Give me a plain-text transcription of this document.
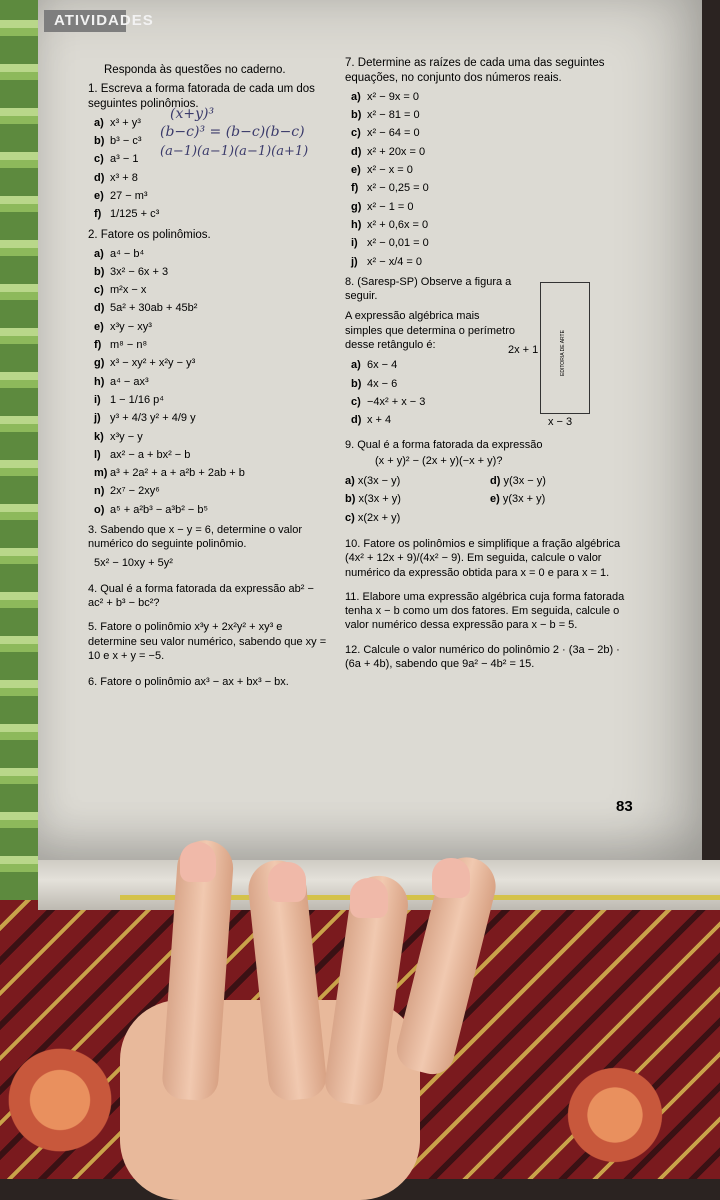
ATIVIDADES
Responda às questões no caderno.
1. Escreva a forma fatorada de cada um dos seguintes polinômios.
a) x³ + y³
b) b³ − c³
c) a³ − 1
d) x³ + 8
e) 27 − m³
f) 1/125 + c³
2. Fatore os polinômios.
a) a⁴ − b⁴
b) 3x² − 6x + 3
c) m²x − x
d) 5a² + 30ab + 45b²
e) x³y − xy³
f) m⁸ − n⁸
g) x³ − xy² + x²y − y³
h) a⁴ − ax³
i) 1 − 1/16 p⁴
j) y³ + 4/3 y² + 4/9 y
k) x³y − y
l) ax² − a + bx² − b
m) a³ + 2a² + a + a²b + 2ab + b
n) 2x⁷ − 2xy⁶
o) a⁵ + a²b³ − a³b² − b⁵
3. Sabendo que x − y = 6, determine o valor numérico do seguinte polinômio.
5x² − 10xy + 5y²
4. Qual é a forma fatorada da expressão ab² − ac² + b³ − bc²?
5. Fatore o polinômio x³y + 2x²y² + xy³ e determine seu valor numérico, sabendo que xy = 10 e x + y = −5.
6. Fatore o polinômio ax³ − ax + bx³ − bx.
(x+y)³
(b−c)³ = (b−c)(b−c)
(a−1)(a−1)(a−1)(a+1)
7. Determine as raízes de cada uma das seguintes equações, no conjunto dos números reais.
a) x² − 9x = 0
b) x² − 81 = 0
c) x² − 64 = 0
d) x² + 20x = 0
e) x² − x = 0
f) x² − 0,25 = 0
g) x² − 1 = 0
h) x² + 0,6x = 0
i) x² − 0,01 = 0
j) x² − x/4 = 0
8. (Saresp-SP) Observe a figura a seguir.
A expressão algébrica mais simples que determina o perímetro desse retângulo é:
a) 6x − 4
b) 4x − 6
c) −4x² + x − 3
d) x + 4
9. Qual é a forma fatorada da expressão
(x + y)² − (2x + y)(−x + y)?
a) x(3x − y)	d) y(3x − y)
b) x(3x + y)	e) y(3x + y)
c) x(2x + y)
10. Fatore os polinômios e simplifique a fração algébrica (4x² + 12x + 9)/(4x² − 9). Em seguida, calcule o valor numérico da expressão obtida para x = 0 e para x = 1.
11. Elabore uma expressão algébrica cuja forma fatorada tenha x − b como um dos fatores. Em seguida, calcule o valor numérico dessa expressão para x − b = 5.
12. Calcule o valor numérico do polinômio 2 · (3a − 2b) · (6a + 4b), sabendo que 9a² − 4b² = 15.
2x + 1
x − 3
EDITORIA DE ARTE
83
